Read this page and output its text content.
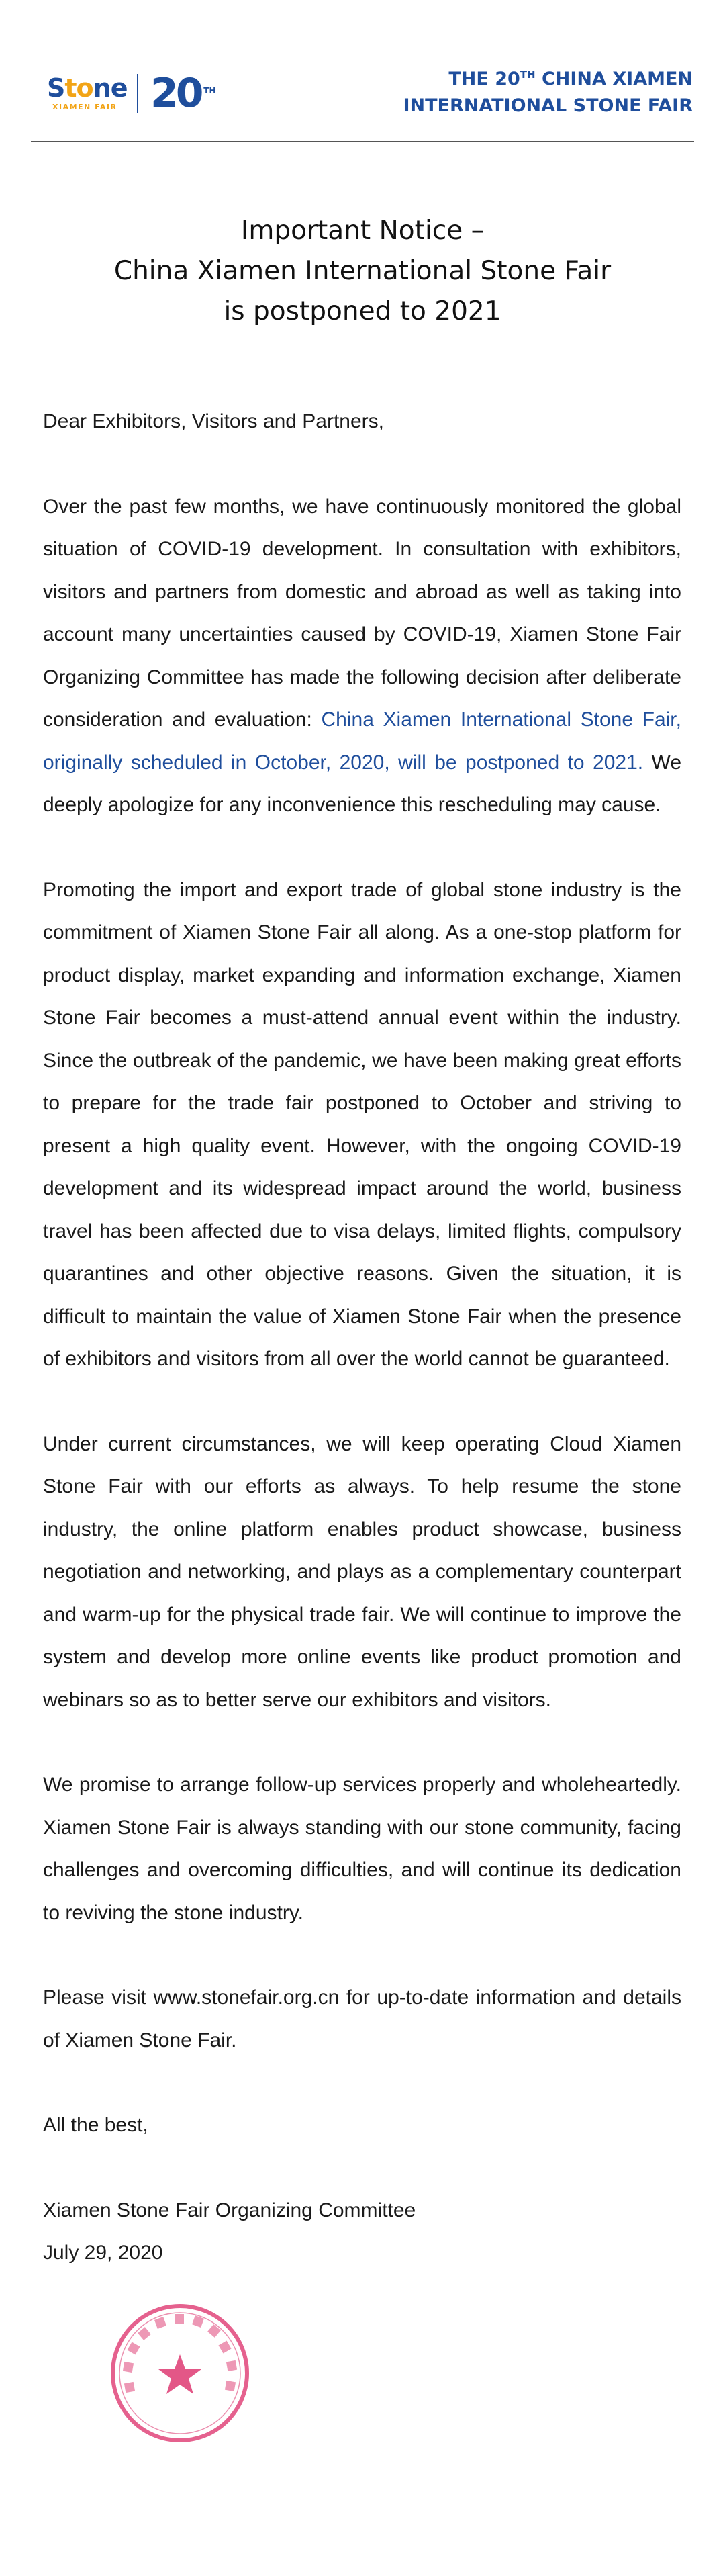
Stone
XIAMEN FAIR 20 TH
THE 20TH CHINA XIAMEN
INTERNATIONAL STONE FAIR
Important Notice –
China Xiamen International Stone Fair
is postponed to 2021

Dear Exhibitors, Visitors and Partners,

Over the past few months, we have continuously monitored the global situation of COVID-19 development. In consultation with exhibitors, visitors and partners from domestic and abroad as well as taking into account many uncertainties caused by COVID-19, Xiamen Stone Fair Organizing Committee has made the following decision after deliberate consideration and evaluation: China Xiamen International Stone Fair, originally scheduled in October, 2020, will be postponed to 2021. We deeply apologize for any inconvenience this rescheduling may cause.

Promoting the import and export trade of global stone industry is the commitment of Xiamen Stone Fair all along. As a one-stop platform for product display, market expanding and information exchange, Xiamen Stone Fair becomes a must-attend annual event within the industry. Since the outbreak of the pandemic, we have been making great efforts to prepare for the trade fair postponed to October and striving to present a high quality event. However, with the ongoing COVID-19 development and its widespread impact around the world, business travel has been affected due to visa delays, limited flights, compulsory quarantines and other objective reasons. Given the situation, it is difficult to maintain the value of Xiamen Stone Fair when the presence of exhibitors and visitors from all over the world cannot be guaranteed.

Under current circumstances, we will keep operating Cloud Xiamen Stone Fair with our efforts as always. To help resume the stone industry, the online platform enables product showcase, business negotiation and networking, and plays as a complementary counterpart and warm-up for the physical trade fair. We will continue to improve the system and develop more online events like product promotion and webinars so as to better serve our exhibitors and visitors.

We promise to arrange follow-up services properly and wholeheartedly. Xiamen Stone Fair is always standing with our stone community, facing challenges and overcoming difficulties, and will continue its dedication to reviving the stone industry.

Please visit www.stonefair.org.cn for up-to-date information and details of Xiamen Stone Fair.

All the best,

Xiamen Stone Fair Organizing Committee

July 29, 2020
